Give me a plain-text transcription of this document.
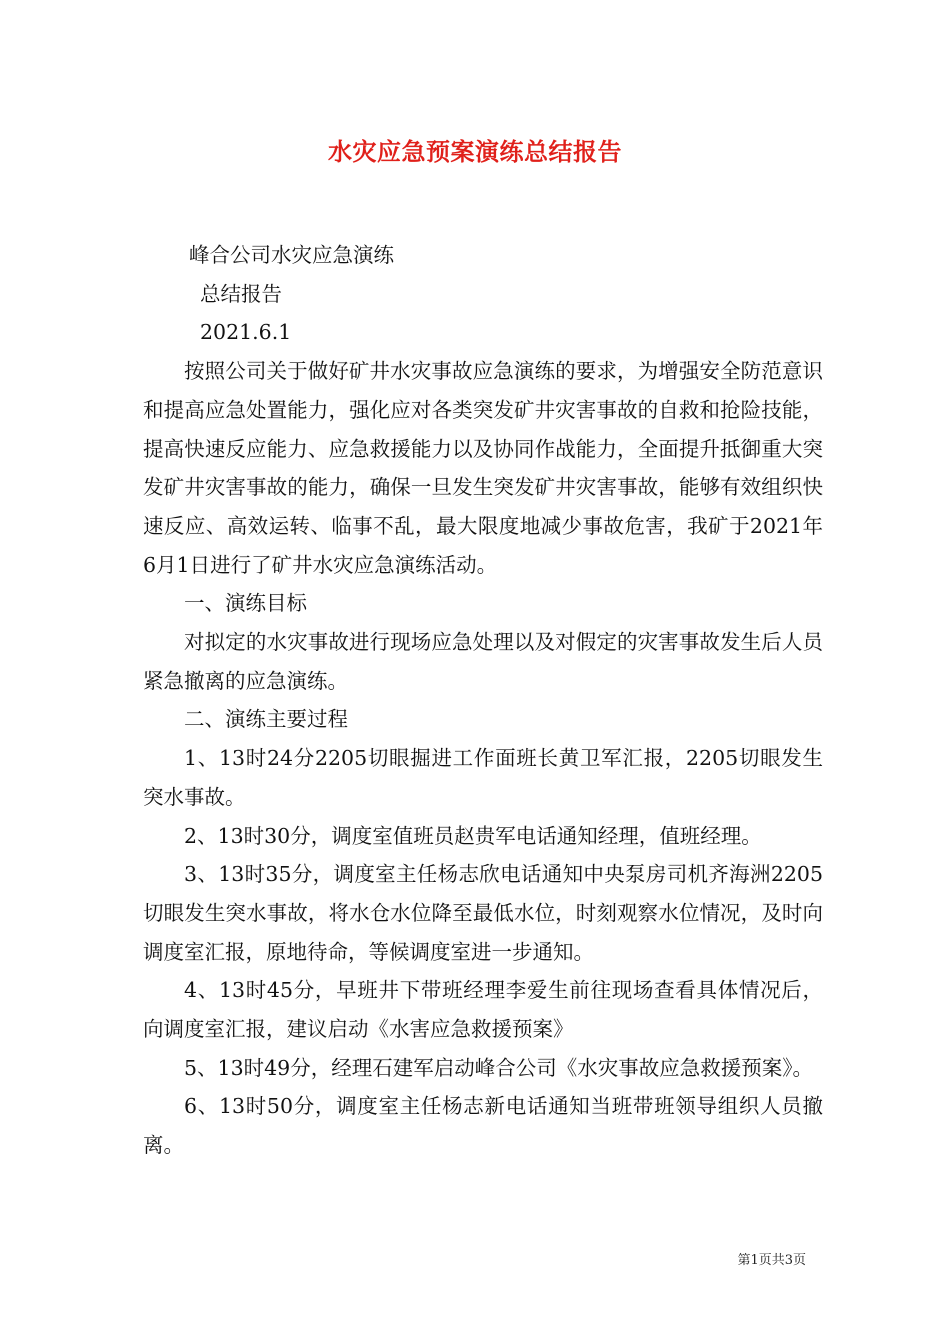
水灾应急预案演练总结报告

峰合公司水灾应急演练

总结报告

2021.6.1

按照公司关于做好矿井水灾事故应急演练的要求，为增强安全防范意识和提高应急处置能力，强化应对各类突发矿井灾害事故的自救和抢险技能，提高快速反应能力、应急救援能力以及协同作战能力，全面提升抵御重大突发矿井灾害事故的能力，确保一旦发生突发矿井灾害事故，能够有效组织快速反应、高效运转、临事不乱，最大限度地减少事故危害，我矿于2021年6月1日进行了矿井水灾应急演练活动。

一、演练目标

对拟定的水灾事故进行现场应急处理以及对假定的灾害事故发生后人员紧急撤离的应急演练。

二、演练主要过程

1、13时24分2205切眼掘进工作面班长黄卫军汇报，2205切眼发生突水事故。

2、13时30分，调度室值班员赵贵军电话通知经理，值班经理。

3、13时35分，调度室主任杨志欣电话通知中央泵房司机齐海洲2205切眼发生突水事故，将水仓水位降至最低水位，时刻观察水位情况，及时向调度室汇报，原地待命，等候调度室进一步通知。

4、13时45分，早班井下带班经理李爱生前往现场查看具体情况后，向调度室汇报，建议启动《水害应急救援预案》

5、13时49分，经理石建军启动峰合公司《水灾事故应急救援预案》。

6、13时50分，调度室主任杨志新电话通知当班带班领导组织人员撤离。

第1页共3页
